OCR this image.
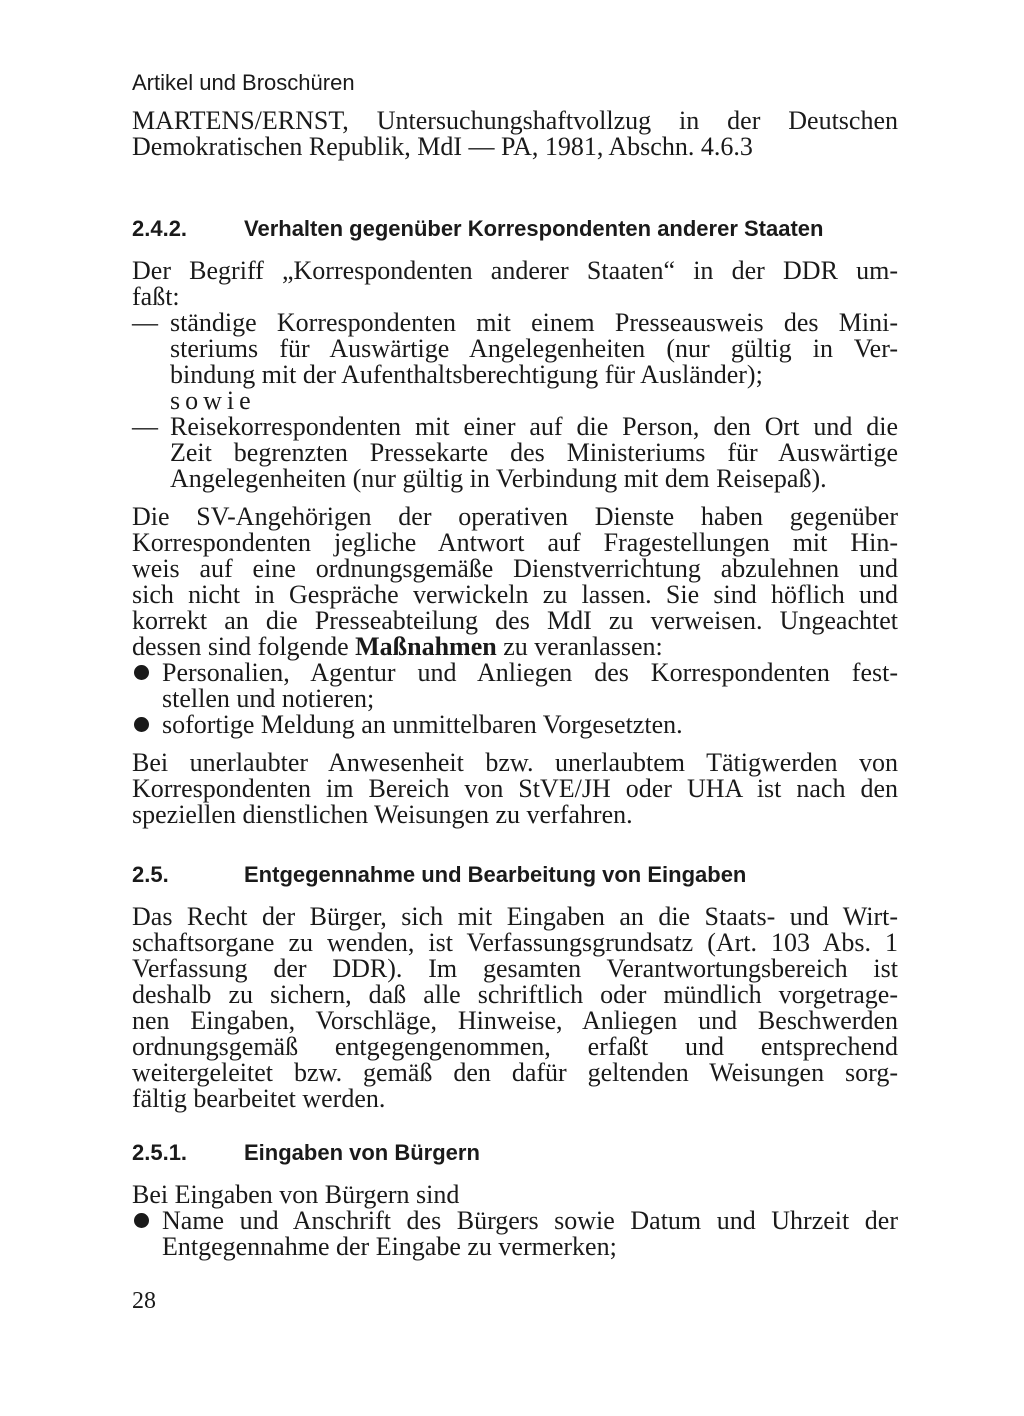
Artikel und Broschüren
MARTENS/ERNST, Untersuchungshaftvollzug in der Deutschen
Demokratischen Republik, MdI — PA, 1981, Abschn. 4.6.3
2.4.2.	Verhalten gegenüber Korrespondenten anderer Staaten
Der Begriff „Korrespondenten anderer Staaten“ in der DDR um-
faßt:
— ständige Korrespondenten mit einem Presseausweis des Mini-
steriums für Auswärtige Angelegenheiten (nur gültig in Ver-
bindung mit der Aufenthaltsberechtigung für Ausländer);
sowie
— Reisekorrespondenten mit einer auf die Person, den Ort und die
Zeit begrenzten Pressekarte des Ministeriums für Auswärtige
Angelegenheiten (nur gültig in Verbindung mit dem Reisepaß).
Die SV-Angehörigen der operativen Dienste haben gegenüber
Korrespondenten jegliche Antwort auf Fragestellungen mit Hin-
weis auf eine ordnungsgemäße Dienstverrichtung abzulehnen und
sich nicht in Gespräche verwickeln zu lassen. Sie sind höflich und
korrekt an die Presseabteilung des MdI zu verweisen. Ungeachtet
dessen sind folgende Maßnahmen zu veranlassen:
Personalien, Agentur und Anliegen des Korrespondenten fest-
stellen und notieren;
sofortige Meldung an unmittelbaren Vorgesetzten.
Bei unerlaubter Anwesenheit bzw. unerlaubtem Tätigwerden von
Korrespondenten im Bereich von StVE/JH oder UHA ist nach den
speziellen dienstlichen Weisungen zu verfahren.
2.5.	Entgegennahme und Bearbeitung von Eingaben
Das Recht der Bürger, sich mit Eingaben an die Staats- und Wirt-
schaftsorgane zu wenden, ist Verfassungsgrundsatz (Art. 103 Abs. 1
Verfassung der DDR). Im gesamten Verantwortungsbereich ist
deshalb zu sichern, daß alle schriftlich oder mündlich vorgetrage-
nen Eingaben, Vorschläge, Hinweise, Anliegen und Beschwerden
ordnungsgemäß entgegengenommen, erfaßt und entsprechend
weitergeleitet bzw. gemäß den dafür geltenden Weisungen sorg-
fältig bearbeitet werden.
2.5.1.	Eingaben von Bürgern
Bei Eingaben von Bürgern sind
Name und Anschrift des Bürgers sowie Datum und Uhrzeit der
Entgegennahme der Eingabe zu vermerken;
28
